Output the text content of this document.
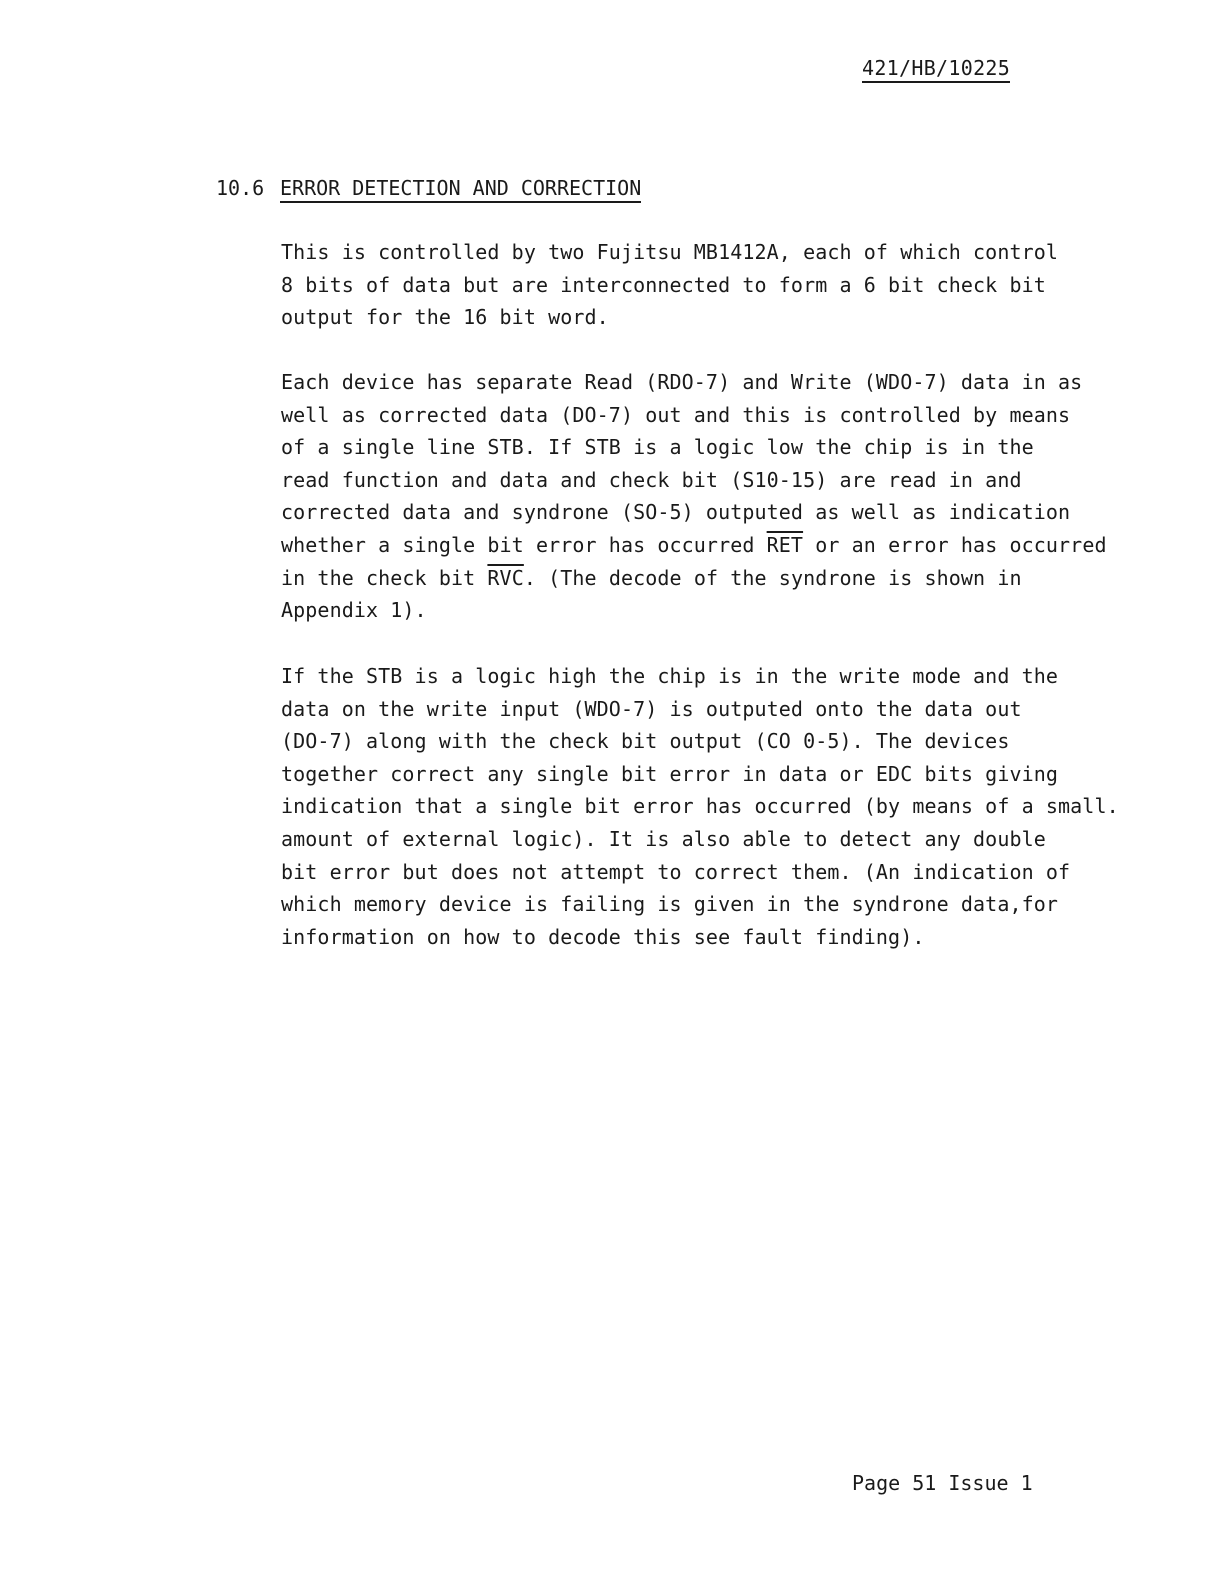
421/HB/10225
10.6 ERROR DETECTION AND CORRECTION
This is controlled by two Fujitsu MB1412A, each of which control
8 bits of data but are interconnected to form a 6 bit check bit
output for the 16 bit word.
Each device has separate Read (RDO-7) and Write (WDO-7) data in as
well as corrected data (DO-7) out and this is controlled by means
of a single line STB. If STB is a logic low the chip is in the
read function and data and check bit (S10-15) are read in and
corrected data and syndrone (SO-5) outputed as well as indication
whether a single bit error has occurred $\overline{RET}$ or an error has occurred
in the check bit $\overline{RVC}$. (The decode of the syndrone is shown in
Appendix 1).
If the STB is a logic high the chip is in the write mode and the
data on the write input (WDO-7) is outputed onto the data out
(DO-7) along with the check bit output (CO 0-5). The devices
together correct any single bit error in data or EDC bits giving
indication that a single bit error has occurred (by means of a small.
amount of external logic). It is also able to detect any double
bit error but does not attempt to correct them. (An indication of
which memory device is failing is given in the syndrone data,for
information on how to decode this see fault finding).
Page 51 Issue 1
